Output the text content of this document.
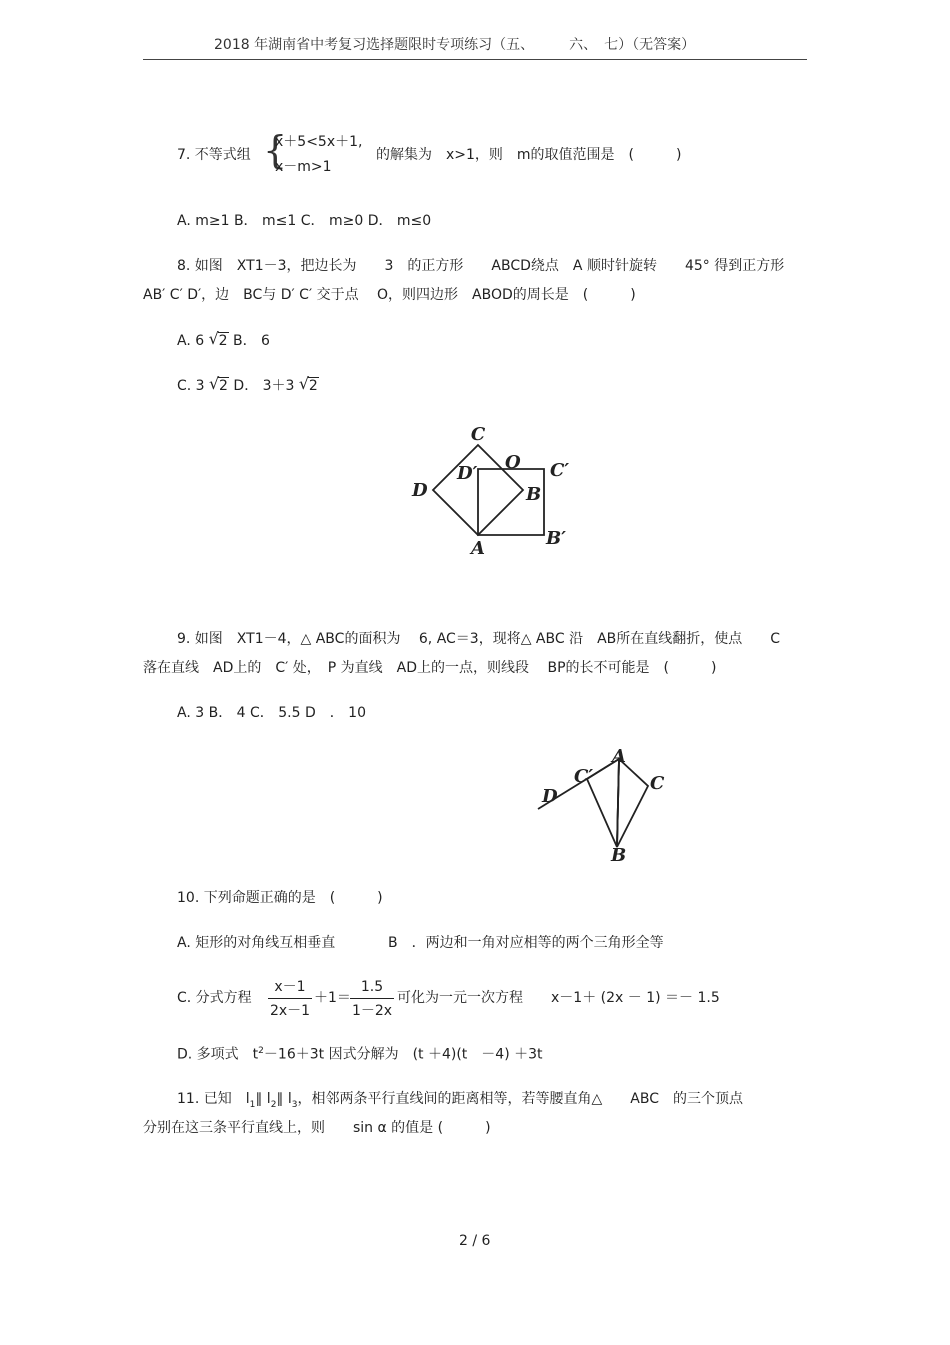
2018 年湖南省中考复习选择题限时专项练习（五、　　　六、　七）（无答案）
7. 不等式组 {
x＋5<5x＋1,
x－m>1
的解集为　x>1，则　m的取值范围是　(　　　)
A. m≥1 B． m≤1 C． m≥0 D． m≤0
8. 如图　XT1－3，把边长为　　3　的正方形　　ABCD绕点　A 顺时针旋转　　45° 得到正方形
AB′ C′ D′，边　BC与 D′ C′ 交于点　 O，则四边形　ABOD的周长是　(　　　)
A. 6 √ 2 B． 6
C. 3 √ 2 D． 3＋3 √ 2
C
D′
O C′
D	B
A	B′
9. 如图　XT1－4，△ ABC的面积为　 6, AC＝3，现将△ ABC 沿　AB所在直线翻折，使点　　C
落在直线　AD上的　C′ 处，　P 为直线　AD上的一点，则线段　 BP的长不可能是　(　　　)
A. 3 B． 4 C． 5.5 D　． 10
A
C′	C
D
B
10. 下列命题正确的是　(　　　)
A. 矩形的对角线互相垂直	B　．两边和一角对应相等的两个三角形全等
C. 分式方程
x－1
2x－1
＋1＝
1.5
1－2x
可化为一元一次方程　　x－1＋ (2x － 1) ＝－ 1.5
D. 多项式　$t^2-16+3t$ 因式分解为　(t ＋4)(t　－4) ＋3t
11. 已知　$l_1\parallel$ $l_2\parallel$ $l_3$，相邻两条平行直线间的距离相等，若等腰直角△　　ABC　的三个顶点
分别在这三条平行直线上，则　　sin α 的值是 (　　　)
2 / 6
